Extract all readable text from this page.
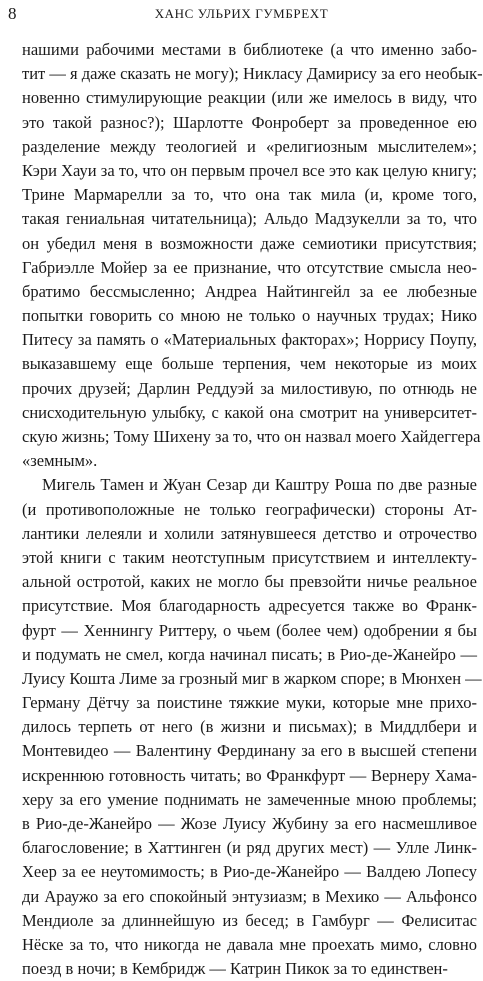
8	ХАНС УЛЬРИХ ГУМБРЕХТ
нашими рабочими местами в библиотеке (а что именно забо-
тит — я даже сказать не могу); Никласу Дамирису за его необык-
новенно стимулирующие реакции (или же имелось в виду, что
это такой разнос?); Шарлотте Фонроберт за проведенное ею
разделение между теологией и «религиозным мыслителем»;
Кэри Хауи за то, что он первым прочел все это как целую книгу;
Трине Мармарелли за то, что она так мила (и, кроме того,
такая гениальная читательница); Альдо Мадзукелли за то, что
он убедил меня в возможности даже семиотики присутствия;
Габриэлле Мойер за ее признание, что отсутствие смысла нео-
братимо бессмысленно; Андреа Найтингейл за ее любезные
попытки говорить со мною не только о научных трудах; Нико
Питесу за память о «Материальных факторах»; Норрису Поупу,
выказавшему еще больше терпения, чем некоторые из моих
прочих друзей; Дарлин Реддуэй за милостивую, по отнюдь не
снисходительную улыбку, с какой она смотрит на университет-
скую жизнь; Тому Шихену за то, что он назвал моего Хайдеггера
«земным».
Мигель Тамен и Жуан Сезар ди Каштру Роша по две разные
(и противоположные не только географически) стороны Ат-
лантики лелеяли и холили затянувшееся детство и отрочество
этой книги с таким неотступным присутствием и интеллекту-
альной остротой, каких не могло бы превзойти ничье реальное
присутствие. Моя благодарность адресуется также во Франк-
фурт — Хеннингу Риттеру, о чьем (более чем) одобрении я бы
и подумать не смел, когда начинал писать; в Рио-де-Жанейро —
Луису Кошта Лиме за грозный миг в жарком споре; в Мюнхен —
Герману Дётчу за поистине тяжкие муки, которые мне прихо-
дилось терпеть от него (в жизни и письмах); в Миддлбери и
Монтевидео — Валентину Фердинану за его в высшей степени
искреннюю готовность читать; во Франкфурт — Вернеру Хама-
херу за его умение поднимать не замеченные мною проблемы;
в Рио-де-Жанейро — Жозе Луису Жубину за его насмешливое
благословение; в Хаттинген (и ряд других мест) — Улле Линк-
Хеер за ее неутомимость; в Рио-де-Жанейро — Валдею Лопесу
ди Араужо за его спокойный энтузиазм; в Мехико — Альфонсо
Мендиоле за длиннейшую из бесед; в Гамбург — Фелиситас
Нёске за то, что никогда не давала мне проехать мимо, словно
поезд в ночи; в Кембридж — Катрин Пикок за то единствен-
